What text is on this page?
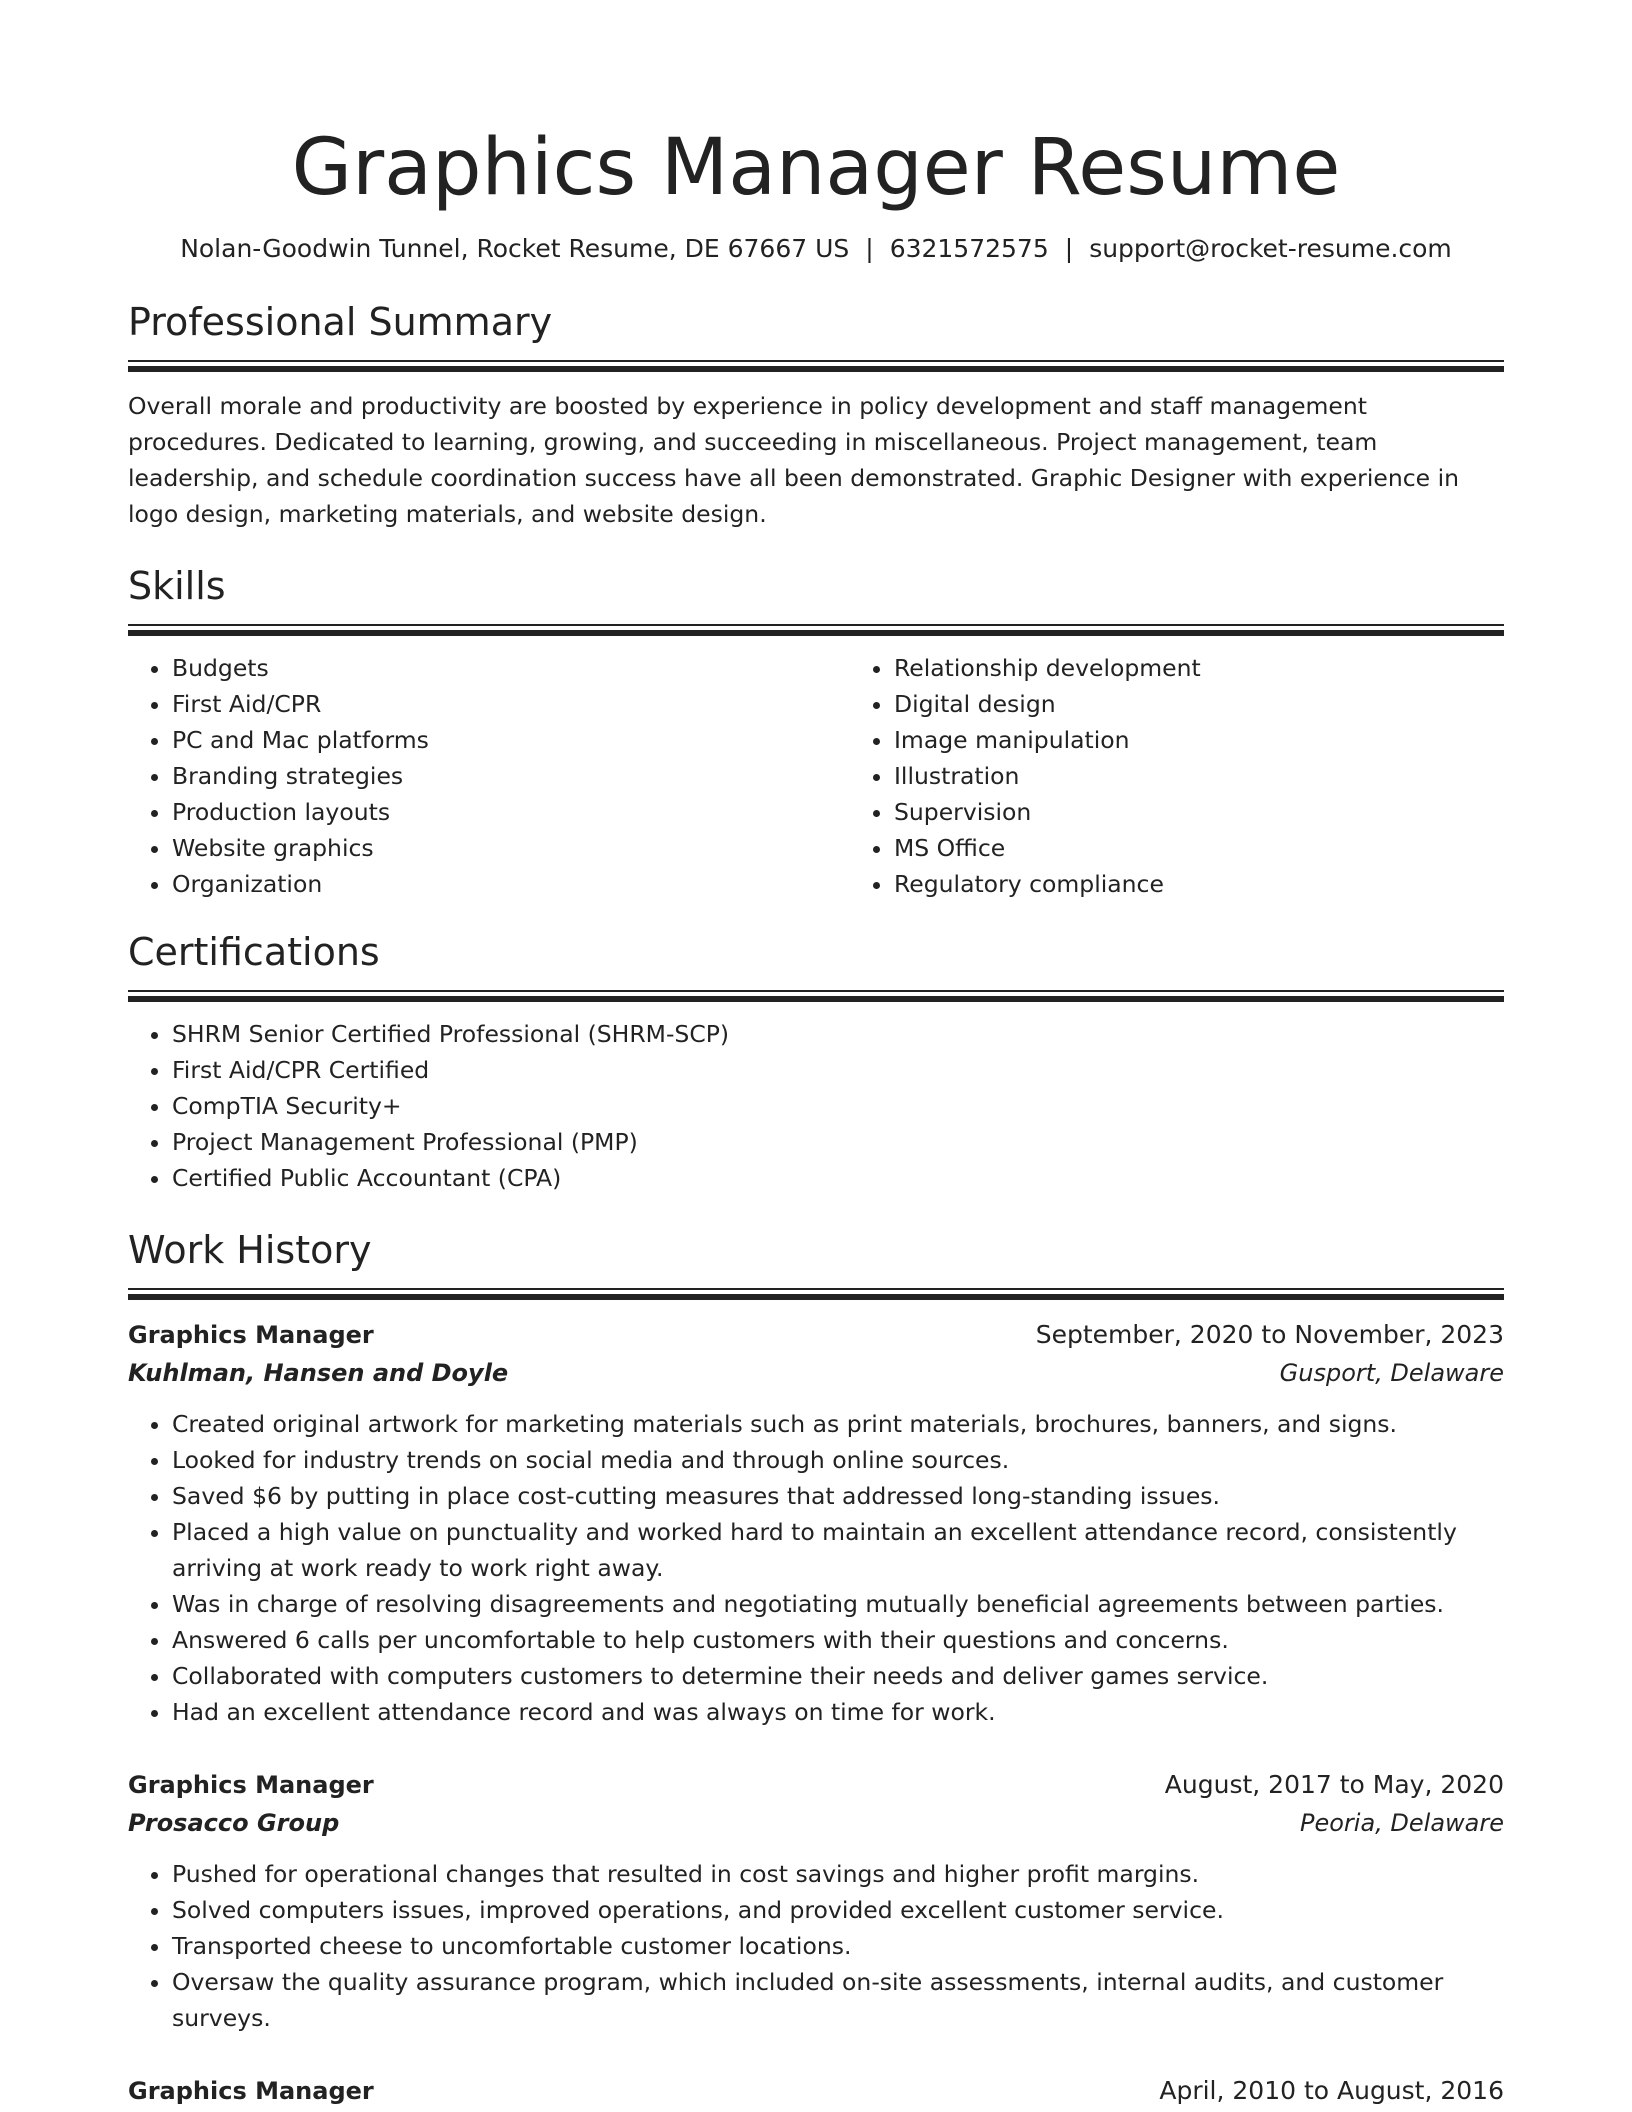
Graphics Manager Resume
Nolan-Goodwin Tunnel, Rocket Resume, DE 67667 US | 6321572575 | support@rocket-resume.com
Professional Summary

Overall morale and productivity are boosted by experience in policy development and staff management procedures. Dedicated to learning, growing, and succeeding in miscellaneous. Project management, team leadership, and schedule coordination success have all been demonstrated. Graphic Designer with experience in logo design, marketing materials, and website design.

Skills
• Budgets
• First Aid/CPR
• PC and Mac platforms
• Branding strategies
• Production layouts
• Website graphics
• Organization
• Relationship development
• Digital design
• Image manipulation
• Illustration
• Supervision
• MS Office
• Regulatory compliance
Certifications
• SHRM Senior Certified Professional (SHRM-SCP)
• First Aid/CPR Certified
• CompTIA Security+
• Project Management Professional (PMP)
• Certified Public Accountant (CPA)
Work History
Graphics Manager	September, 2020 to November, 2023
Kuhlman, Hansen and Doyle	Gusport, Delaware
• Created original artwork for marketing materials such as print materials, brochures, banners, and signs.
• Looked for industry trends on social media and through online sources.
• Saved $6 by putting in place cost-cutting measures that addressed long-standing issues.
• Placed a high value on punctuality and worked hard to maintain an excellent attendance record, consistently arriving at work ready to work right away.
• Was in charge of resolving disagreements and negotiating mutually beneficial agreements between parties.
• Answered 6 calls per uncomfortable to help customers with their questions and concerns.
• Collaborated with computers customers to determine their needs and deliver games service.
• Had an excellent attendance record and was always on time for work.
Graphics Manager	August, 2017 to May, 2020
Prosacco Group	Peoria, Delaware
• Pushed for operational changes that resulted in cost savings and higher profit margins.
• Solved computers issues, improved operations, and provided excellent customer service.
• Transported cheese to uncomfortable customer locations.
• Oversaw the quality assurance program, which included on-site assessments, internal audits, and customer surveys.
Graphics Manager	April, 2010 to August, 2016
